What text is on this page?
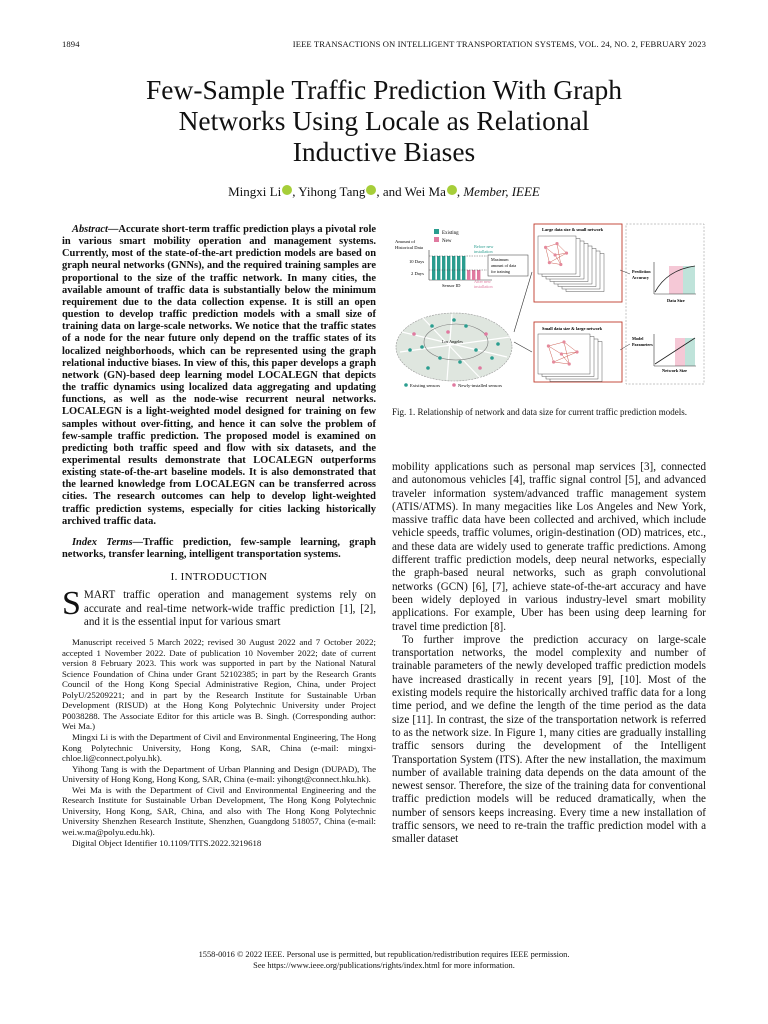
1894	IEEE TRANSACTIONS ON INTELLIGENT TRANSPORTATION SYSTEMS, VOL. 24, NO. 2, FEBRUARY 2023
Few-Sample Traffic Prediction With Graph
Networks Using Locale as Relational
Inductive Biases
Mingxi Li , Yihong Tang , and Wei Ma , Member, IEEE

Abstract—Accurate short-term traffic prediction plays a pivotal role in various smart mobility operation and management systems. Currently, most of the state-of-the-art prediction models are based on graph neural networks (GNNs), and the required training samples are proportional to the size of the traffic network. In many cities, the available amount of traffic data is substantially below the minimum requirement due to the data collection expense. It is still an open question to develop traffic prediction models with a small size of training data on large-scale networks. We notice that the traffic states of a node for the near future only depend on the traffic states of its localized neighborhoods, which can be represented using the graph relational inductive biases. In view of this, this paper develops a graph network (GN)-based deep learning model LOCALEGN that depicts the traffic dynamics using localized data aggregating and updating functions, as well as the node-wise recurrent neural networks. LOCALEGN is a light-weighted model designed for training on few samples without over-fitting, and hence it can solve the problem of few-sample traffic prediction. The proposed model is examined on predicting both traffic speed and flow with six datasets, and the experimental results demonstrate that LOCALEGN outperforms existing state-of-the-art baseline models. It is also demonstrated that the learned knowledge from LOCALEGN can be transferred across cities. The research outcomes can help to develop light-weighted traffic prediction systems, especially for cities lacking historically archived traffic data.

Index Terms—Traffic prediction, few-sample learning, graph networks, transfer learning, intelligent transportation systems.

I. INTRODUCTION

SMART traffic operation and management systems rely on accurate and real-time network-wide traffic prediction [1], [2], and it is the essential input for various smart

Manuscript received 5 March 2022; revised 30 August 2022 and 7 October 2022; accepted 1 November 2022. Date of publication 10 November 2022; date of current version 8 February 2023. This work was supported in part by the National Natural Science Foundation of China under Grant 52102385; in part by the Research Grants Council of the Hong Kong Special Administrative Region, China, under Project PolyU/25209221; and in part by the Research Institute for Sustainable Urban Development (RISUD) at the Hong Kong Polytechnic University under Project P0038288. The Associate Editor for this article was B. Singh. (Corresponding author: Wei Ma.)

Mingxi Li is with the Department of Civil and Environmental Engineering, The Hong Kong Polytechnic University, Hong Kong, SAR, China (e-mail: mingxi-chloe.li@connect.polyu.hk).

Yihong Tang is with the Department of Urban Planning and Design (DUPAD), The University of Hong Kong, Hong Kong, SAR, China (e-mail: yihongt@connect.hku.hk).

Wei Ma is with the Department of Civil and Environmental Engineering and the Research Institute for Sustainable Urban Development, The Hong Kong Polytechnic University, Hong Kong, SAR, China, and also with The Hong Kong Polytechnic University Shenzhen Research Institute, Shenzhen, Guangdong 518057, China (e-mail: wei.w.ma@polyu.edu.hk).

Digital Object Identifier 10.1109/TITS.2022.3219618

Existing
New
Amount of
Historical Data
10 Days
2 Days
Sensor ID
Before new
installation
After new
installation
Maximum
amount of data
for training
Los Angeles
Existing sensors	Newly-installed sensors
Large data size & small network
Small data size & large network
Prediction
Accuracy
Data Size
Model
Parameters
Network Size
Fig. 1. Relationship of network and data size for current traffic prediction models.

mobility applications such as personal map services [3], connected and autonomous vehicles [4], traffic signal control [5], and advanced traveler information system/advanced traffic management system (ATIS/ATMS). In many megacities like Los Angeles and New York, massive traffic data have been collected and archived, which include vehicle speeds, traffic volumes, origin-destination (OD) matrices, etc., and these data are widely used to generate traffic predictions. Among different traffic prediction models, deep neural networks, especially the graph-based neural networks, such as graph convolutional networks (GCN) [6], [7], achieve state-of-the-art accuracy and have been widely deployed in various industry-level smart mobility applications. For example, Uber has been using deep learning for travel time prediction [8].

To further improve the prediction accuracy on large-scale transportation networks, the model complexity and number of trainable parameters of the newly developed traffic prediction models have increased drastically in recent years [9], [10]. Most of the existing models require the historically archived traffic data for a long time period, and we define the length of the time period as the data size [11]. In contrast, the size of the transportation network is referred to as the network size. In Figure 1, many cities are gradually installing traffic sensors during the development of the Intelligent Transportation System (ITS). After the new installation, the maximum number of available training data depends on the data amount of the newest sensor. Therefore, the size of the training data for conventional traffic prediction models will be reduced dramatically, when the number of sensors keeps increasing. Every time a new installation of traffic sensors, we need to re-train the traffic prediction model with a smaller dataset

1558-0016 © 2022 IEEE. Personal use is permitted, but republication/redistribution requires IEEE permission.
See https://www.ieee.org/publications/rights/index.html for more information.
